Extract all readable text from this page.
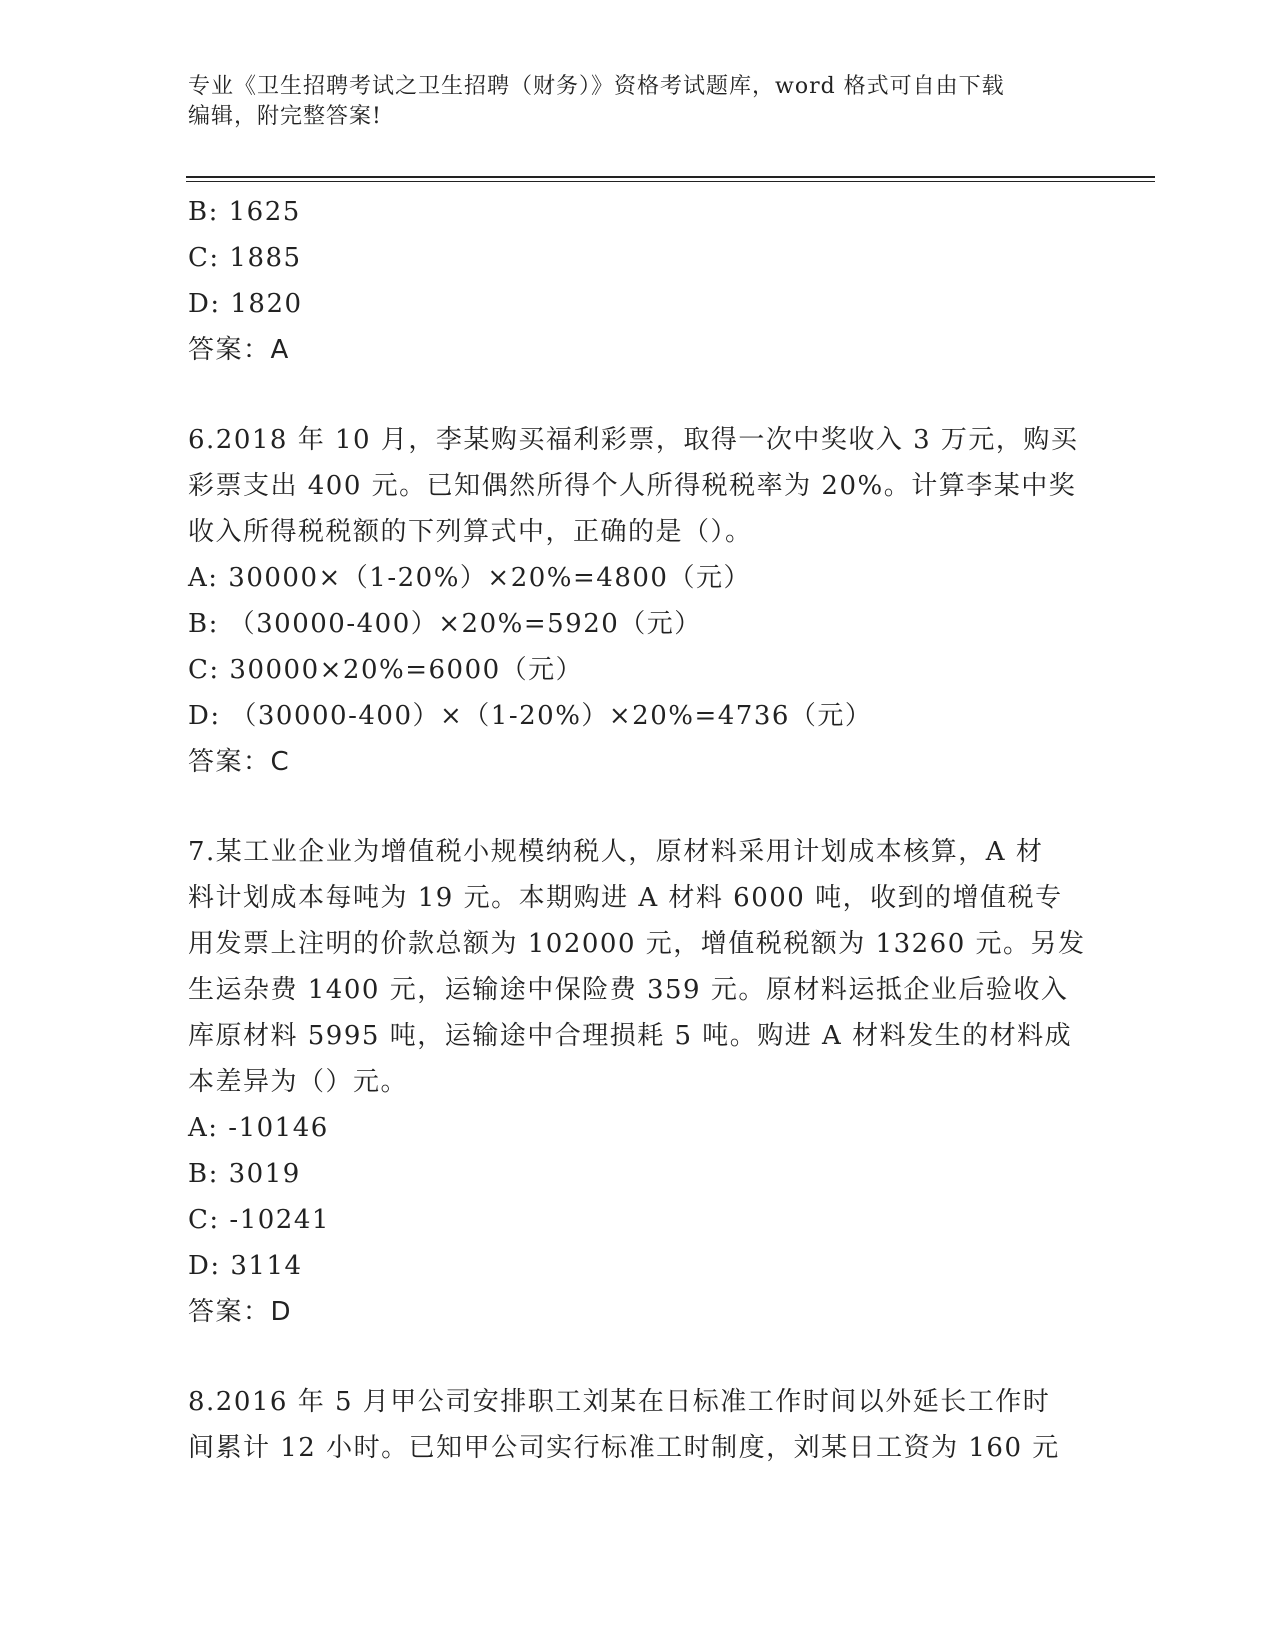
专业《卫生招聘考试之卫生招聘（财务）》资格考试题库，word 格式可自由下载
编辑，附完整答案!
B: 1625
C: 1885
D: 1820
答案：A
6.2018 年 10 月，李某购买福利彩票，取得一次中奖收入 3 万元，购买
彩票支出 400 元。已知偶然所得个人所得税税率为 20%。计算李某中奖
收入所得税税额的下列算式中，正确的是（）。
A: 30000×（1-20%）×20%=4800（元）
B: （30000-400）×20%=5920（元）
C: 30000×20%=6000（元）
D: （30000-400）×（1-20%）×20%=4736（元）
答案：C
7.某工业企业为增值税小规模纳税人，原材料采用计划成本核算，A 材
料计划成本每吨为 19 元。本期购进 A 材料 6000 吨，收到的增值税专
用发票上注明的价款总额为 102000 元，增值税税额为 13260 元。另发
生运杂费 1400 元，运输途中保险费 359 元。原材料运抵企业后验收入
库原材料 5995 吨，运输途中合理损耗 5 吨。购进 A 材料发生的材料成
本差异为（）元。
A: -10146
B: 3019
C: -10241
D: 3114
答案：D
8.2016 年 5 月甲公司安排职工刘某在日标准工作时间以外延长工作时
间累计 12 小时。已知甲公司实行标准工时制度，刘某日工资为 160 元
